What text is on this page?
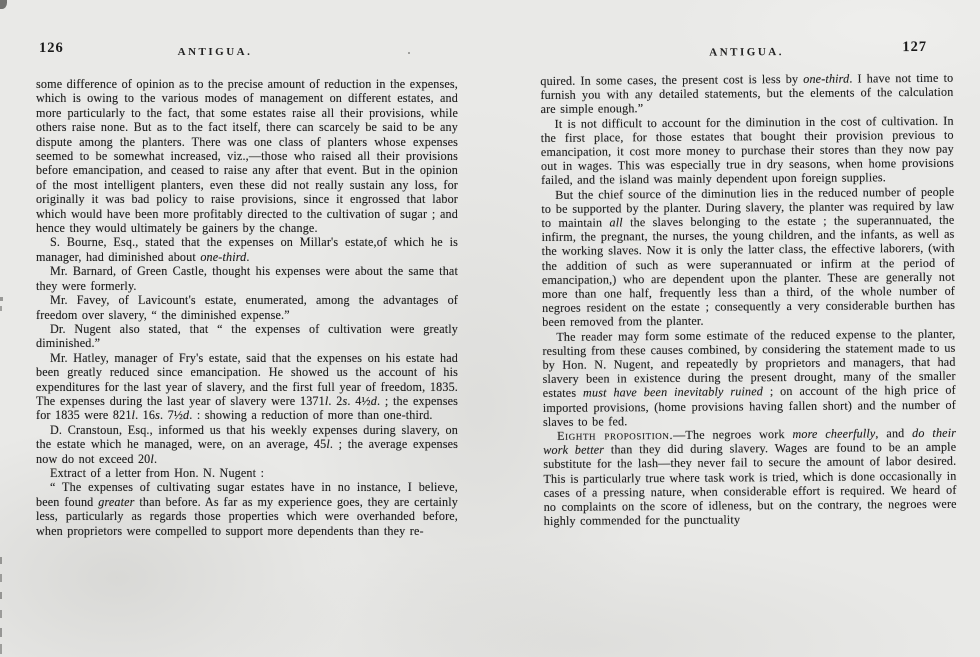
126	ANTIGUA.

some difference of opinion as to the precise amount of reduction in the expenses, which is owing to the various modes of management on different estates, and more particularly to the fact, that some estates raise all their provisions, while others raise none. But as to the fact itself, there can scarcely be said to be any dispute among the planters. There was one class of planters whose expenses seemed to be somewhat increased, viz.,—those who raised all their provisions before emancipation, and ceased to raise any after that event. But in the opinion of the most intelligent planters, even these did not really sustain any loss, for originally it was bad policy to raise provisions, since it engrossed that labor which would have been more profitably directed to the cultivation of sugar ; and hence they would ultimately be gainers by the change.

S. Bourne, Esq., stated that the expenses on Millar's estate,of which he is manager, had diminished about one-third.

Mr. Barnard, of Green Castle, thought his expenses were about the same that they were formerly.

Mr. Favey, of Lavicount's estate, enumerated, among the advantages of freedom over slavery, “ the diminished expense.”

Dr. Nugent also stated, that “ the expenses of cultivation were greatly diminished.”

Mr. Hatley, manager of Fry's estate, said that the expenses on his estate had been greatly reduced since emancipation. He showed us the account of his expenditures for the last year of slavery, and the first full year of freedom, 1835. The expenses during the last year of slavery were 1371l. 2s. 4½d. ; the expenses for 1835 were 821l. 16s. 7½d. : showing a reduction of more than one-third.

D. Cranstoun, Esq., informed us that his weekly expenses during slavery, on the estate which he managed, were, on an average, 45l. ; the average expenses now do not exceed 20l.

Extract of a letter from Hon. N. Nugent :

“ The expenses of cultivating sugar estates have in no instance, I believe, been found greater than before. As far as my experience goes, they are certainly less, particularly as regards those properties which were overhanded before, when proprietors were compelled to support more dependents than they re-

ANTIGUA.	127

quired. In some cases, the present cost is less by one-third. I have not time to furnish you with any detailed statements, but the elements of the calculation are simple enough.”

It is not difficult to account for the diminution in the cost of cultivation. In the first place, for those estates that bought their provision previous to emancipation, it cost more money to purchase their stores than they now pay out in wages. This was especially true in dry seasons, when home provisions failed, and the island was mainly dependent upon foreign supplies.

But the chief source of the diminution lies in the reduced number of people to be supported by the planter. During slavery, the planter was required by law to maintain all the slaves belonging to the estate ; the superannuated, the infirm, the pregnant, the nurses, the young children, and the infants, as well as the working slaves. Now it is only the latter class, the effective laborers, (with the addition of such as were superannuated or infirm at the period of emancipation,) who are dependent upon the planter. These are generally not more than one half, frequently less than a third, of the whole number of negroes resident on the estate ; consequently a very considerable burthen has been removed from the planter.

The reader may form some estimate of the reduced expense to the planter, resulting from these causes combined, by considering the statement made to us by Hon. N. Nugent, and repeatedly by proprietors and managers, that had slavery been in existence during the present drought, many of the smaller estates must have been inevitably ruined ; on account of the high price of imported provisions, (home provisions having fallen short) and the number of slaves to be fed.

Eighth proposition.—The negroes work more cheerfully, and do their work better than they did during slavery. Wages are found to be an ample substitute for the lash—they never fail to secure the amount of labor desired. This is particularly true where task work is tried, which is done occasionally in cases of a pressing nature, when considerable effort is required. We heard of no complaints on the score of idleness, but on the contrary, the negroes were highly commended for the punctuality
